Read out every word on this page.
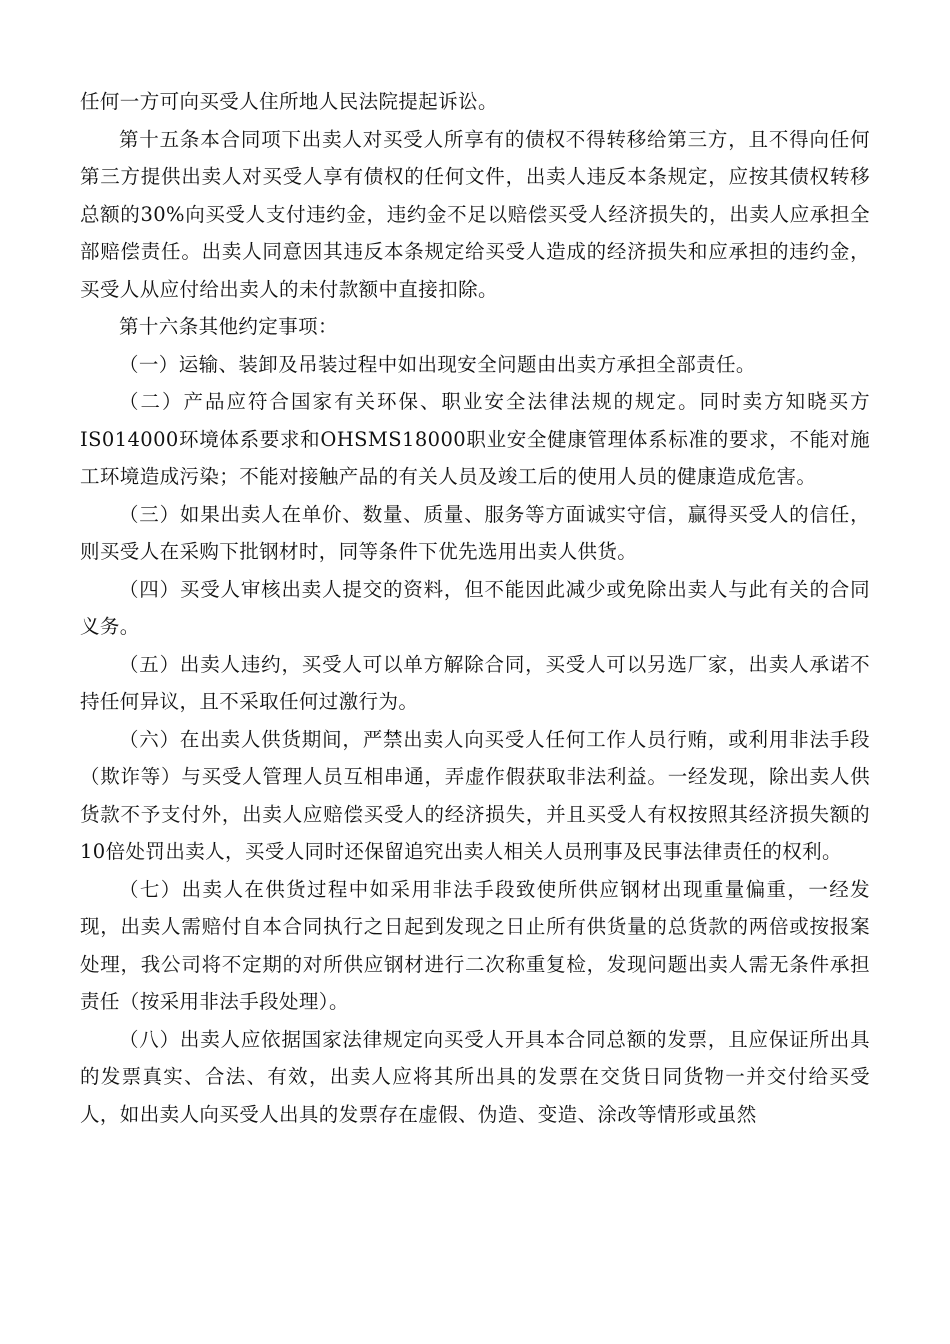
任何一方可向买受人住所地人民法院提起诉讼。

第十五条本合同项下出卖人对买受人所享有的债权不得转移给第三方，且不得向任何第三方提供出卖人对买受人享有债权的任何文件，出卖人违反本条规定，应按其债权转移总额的30%向买受人支付违约金，违约金不足以赔偿买受人经济损失的，出卖人应承担全部赔偿责任。出卖人同意因其违反本条规定给买受人造成的经济损失和应承担的违约金，买受人从应付给出卖人的未付款额中直接扣除。

第十六条其他约定事项：

（一）运输、装卸及吊装过程中如出现安全问题由出卖方承担全部责任。

（二）产品应符合国家有关环保、职业安全法律法规的规定。同时卖方知晓买方IS014000环境体系要求和OHSMS18000职业安全健康管理体系标准的要求，不能对施工环境造成污染；不能对接触产品的有关人员及竣工后的使用人员的健康造成危害。

（三）如果出卖人在单价、数量、质量、服务等方面诚实守信，赢得买受人的信任，则买受人在采购下批钢材时，同等条件下优先选用出卖人供货。

（四）买受人审核出卖人提交的资料，但不能因此减少或免除出卖人与此有关的合同义务。

（五）出卖人违约，买受人可以单方解除合同，买受人可以另选厂家，出卖人承诺不持任何异议，且不采取任何过激行为。

（六）在出卖人供货期间，严禁出卖人向买受人任何工作人员行贿，或利用非法手段（欺诈等）与买受人管理人员互相串通，弄虚作假获取非法利益。一经发现，除出卖人供货款不予支付外，出卖人应赔偿买受人的经济损失，并且买受人有权按照其经济损失额的10倍处罚出卖人，买受人同时还保留追究出卖人相关人员刑事及民事法律责任的权利。

（七）出卖人在供货过程中如采用非法手段致使所供应钢材出现重量偏重，一经发现，出卖人需赔付自本合同执行之日起到发现之日止所有供货量的总货款的两倍或按报案处理，我公司将不定期的对所供应钢材进行二次称重复检，发现问题出卖人需无条件承担责任（按采用非法手段处理）。

（八）出卖人应依据国家法律规定向买受人开具本合同总额的发票，且应保证所出具的发票真实、合法、有效，出卖人应将其所出具的发票在交货日同货物一并交付给买受人，如出卖人向买受人出具的发票存在虚假、伪造、变造、涂改等情形或虽然
